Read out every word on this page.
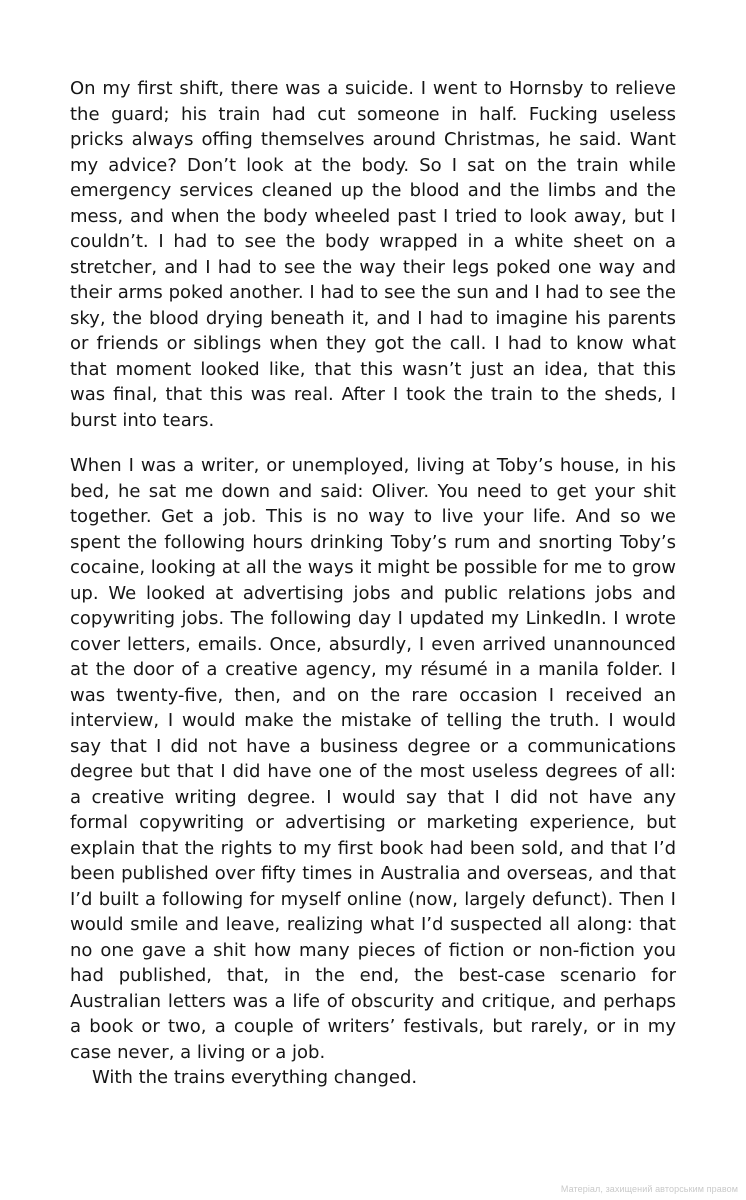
On my first shift, there was a suicide. I went to Hornsby to relieve the guard; his train had cut someone in half. Fucking useless pricks always offing themselves around Christmas, he said. Want my advice? Don’t look at the body. So I sat on the train while emergency services cleaned up the blood and the limbs and the mess, and when the body wheeled past I tried to look away, but I couldn’t. I had to see the body wrapped in a white sheet on a stretcher, and I had to see the way their legs poked one way and their arms poked another. I had to see the sun and I had to see the sky, the blood drying beneath it, and I had to imagine his parents or friends or siblings when they got the call. I had to know what that moment looked like, that this wasn’t just an idea, that this was final, that this was real. After I took the train to the sheds, I burst into tears.

When I was a writer, or unemployed, living at Toby’s house, in his bed, he sat me down and said: Oliver. You need to get your shit together. Get a job. This is no way to live your life. And so we spent the following hours drinking Toby’s rum and snorting Toby’s cocaine, looking at all the ways it might be possible for me to grow up. We looked at advertising jobs and public relations jobs and copywriting jobs. The following day I updated my LinkedIn. I wrote cover letters, emails. Once, absurdly, I even arrived unannounced at the door of a creative agency, my résumé in a manila folder. I was twenty-five, then, and on the rare occasion I received an interview, I would make the mistake of telling the truth. I would say that I did not have a business degree or a communications degree but that I did have one of the most useless degrees of all: a creative writing degree. I would say that I did not have any formal copywriting or advertising or marketing experience, but explain that the rights to my first book had been sold, and that I’d been published over fifty times in Australia and overseas, and that I’d built a following for myself online (now, largely defunct). Then I would smile and leave, realizing what I’d suspected all along: that no one gave a shit how many pieces of fiction or non-fiction you had published, that, in the end, the best-case scenario for Australian letters was a life of obscurity and critique, and perhaps a book or two, a couple of writers’ festivals, but rarely, or in my case never, a living or a job.

With the trains everything changed.

Матеріал, захищений авторським правом
